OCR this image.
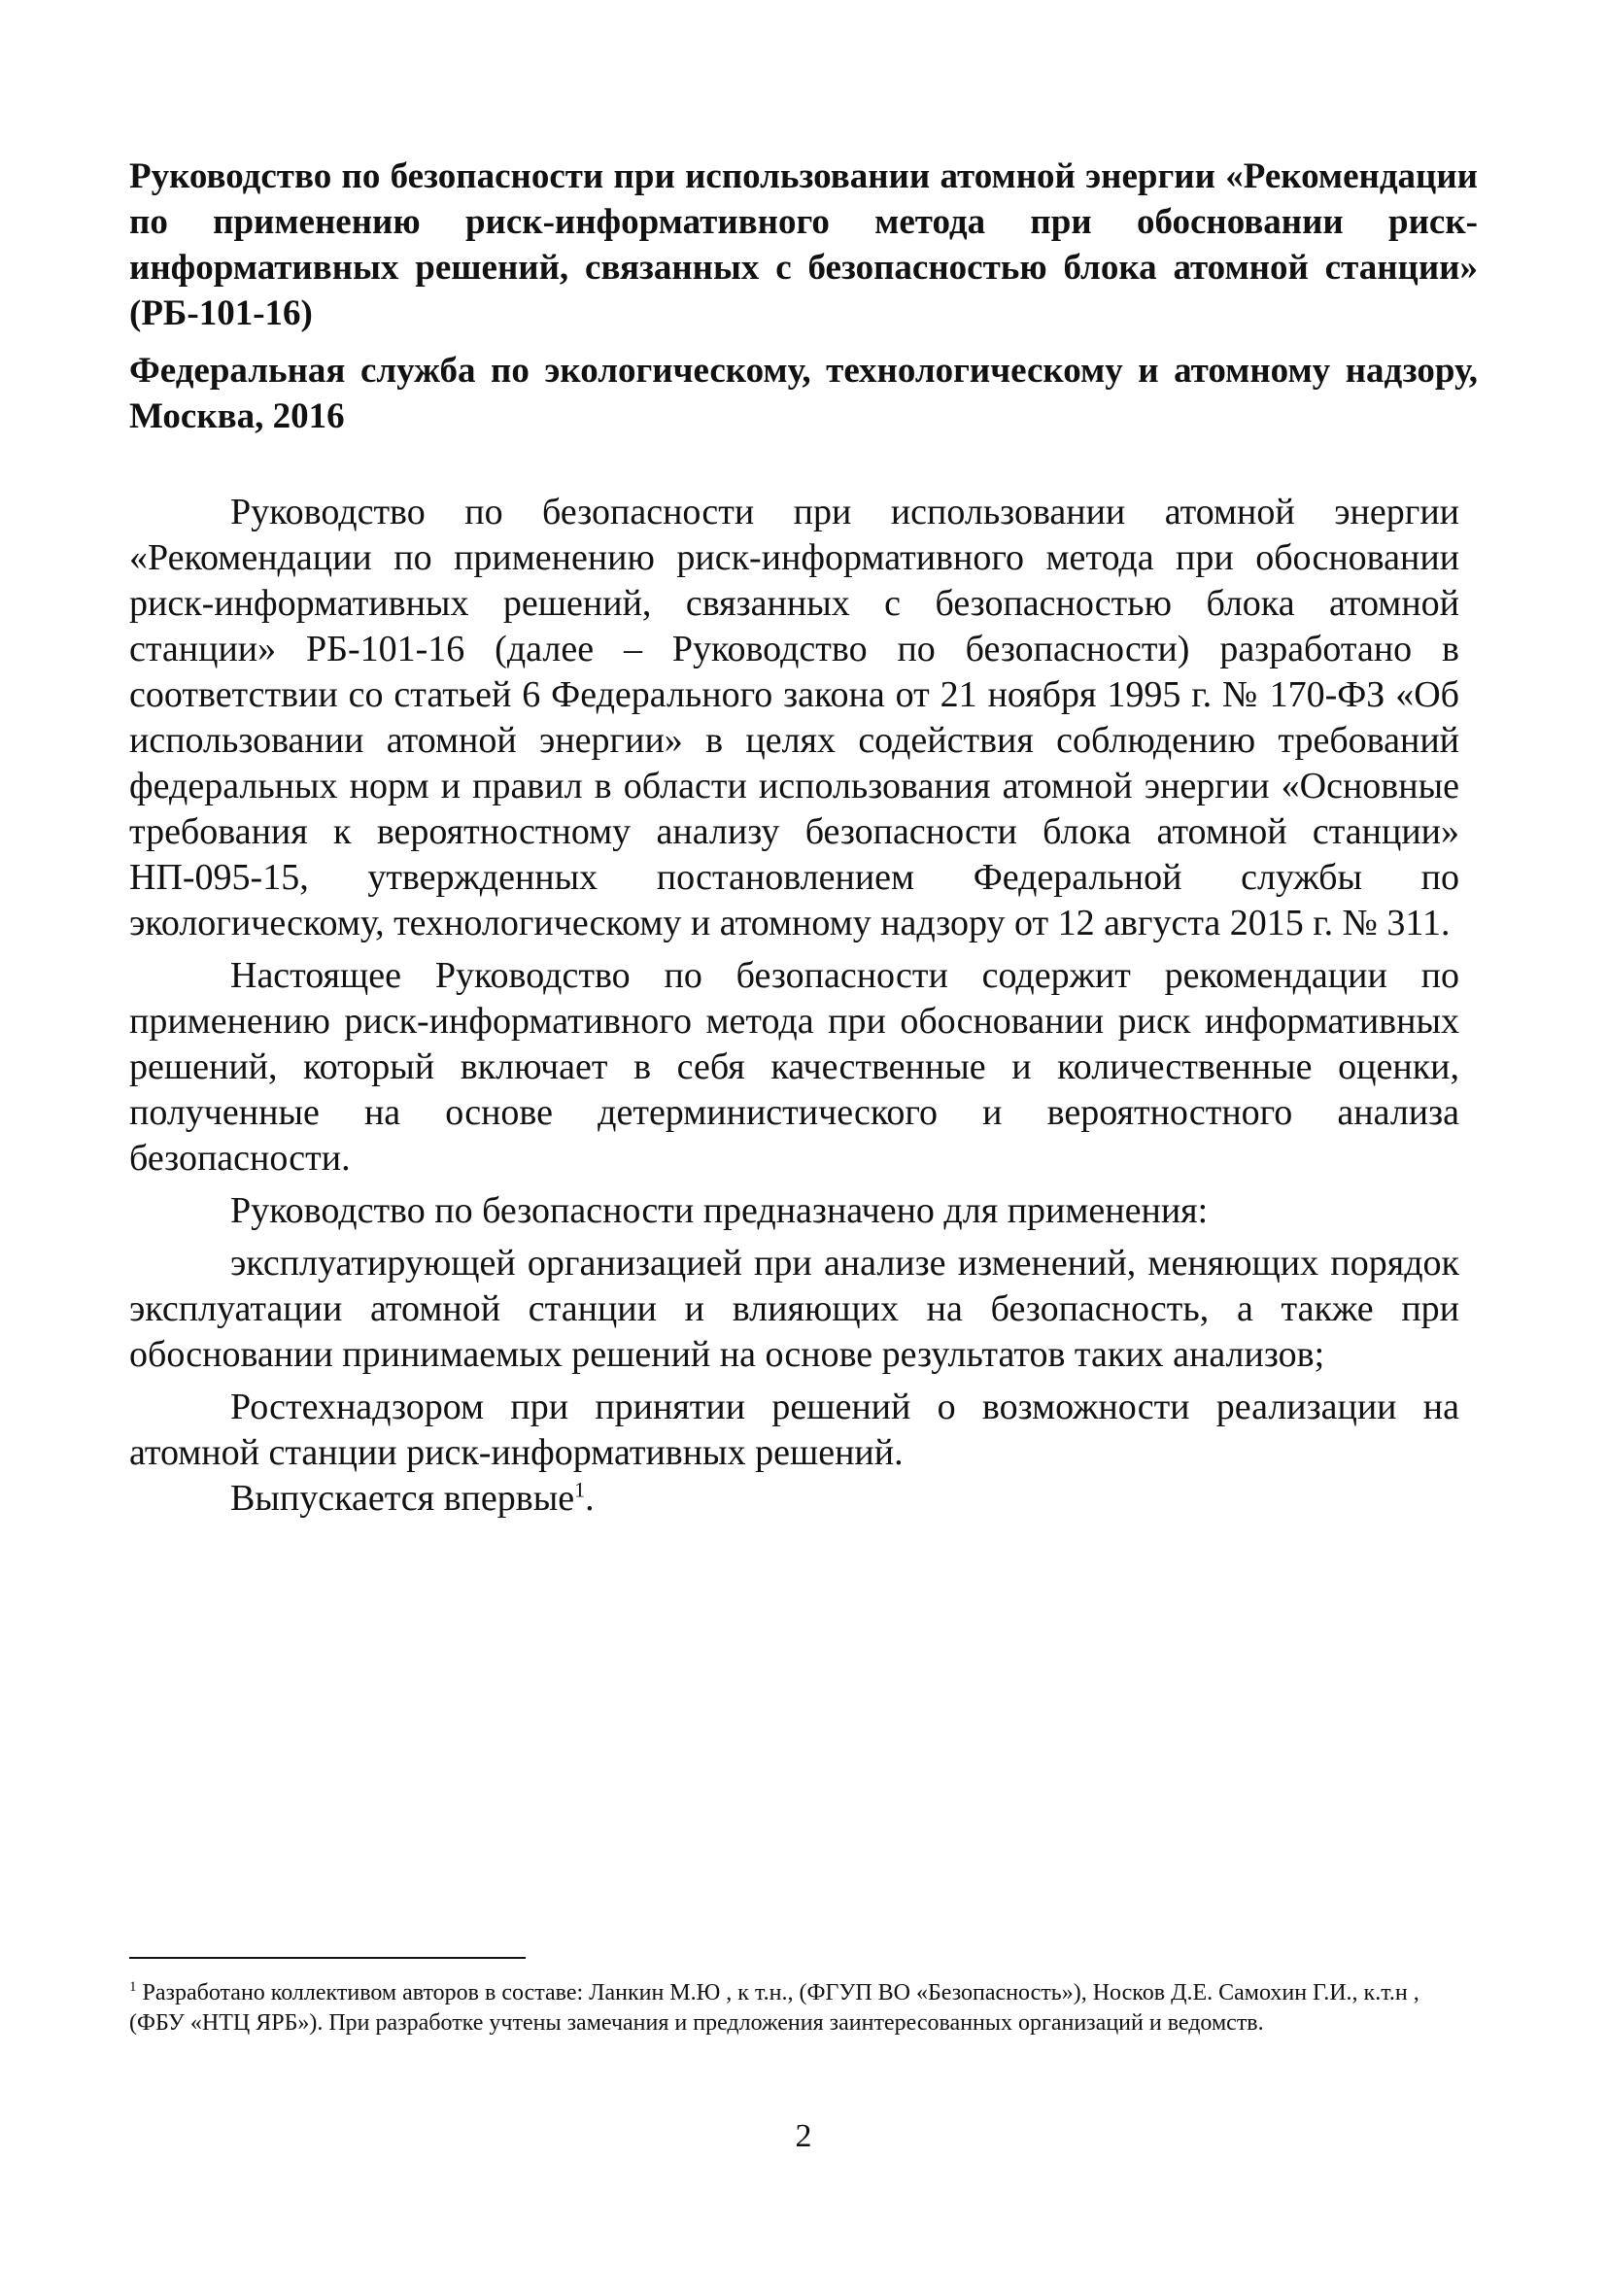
Руководство по безопасности при использовании атомной энергии «Рекомендации по применению риск-информативного метода при обосновании риск-информативных решений, связанных с безопасностью блока атомной станции» (РБ-101-16)

Федеральная служба по экологическому, технологическому и атомному надзору, Москва, 2016

Руководство по безопасности при использовании атомной энергии «Рекомендации по применению риск-информативного метода при обосновании риск-информативных решений, связанных с безопасностью блока атомной станции» РБ-101-16 (далее – Руководство по безопасности) разработано в соответствии со статьей 6 Федерального закона от 21 ноября 1995 г. № 170-ФЗ «Об использовании атомной энергии» в целях содействия соблюдению требований федеральных норм и правил в области использования атомной энергии «Основные требования к вероятностному анализу безопасности блока атомной станции» НП-095-15, утвержденных постановлением Федеральной службы по экологическому, технологическому и атомному надзору от 12 августа 2015 г. № 311.

Настоящее Руководство по безопасности содержит рекомендации по применению риск-информативного метода при обосновании риск информативных решений, который включает в себя качественные и количественные оценки, полученные на основе детерминистического и вероятностного анализа безопасности.

Руководство по безопасности предназначено для применения:

эксплуатирующей организацией при анализе изменений, меняющих порядок эксплуатации атомной станции и влияющих на безопасность, а также при обосновании принимаемых решений на основе результатов таких анализов;

Ростехнадзором при принятии решений о возможности реализации на атомной станции риск-информативных решений.

Выпускается впервые$^1$.

$^1$ Разработано коллективом авторов в составе: Ланкин М.Ю , к т.н., (ФГУП ВО «Безопасность»), Носков Д.Е. Самохин Г.И., к.т.н , (ФБУ «НТЦ ЯРБ»). При разработке учтены замечания и предложения заинтересованных организаций и ведомств.

2
